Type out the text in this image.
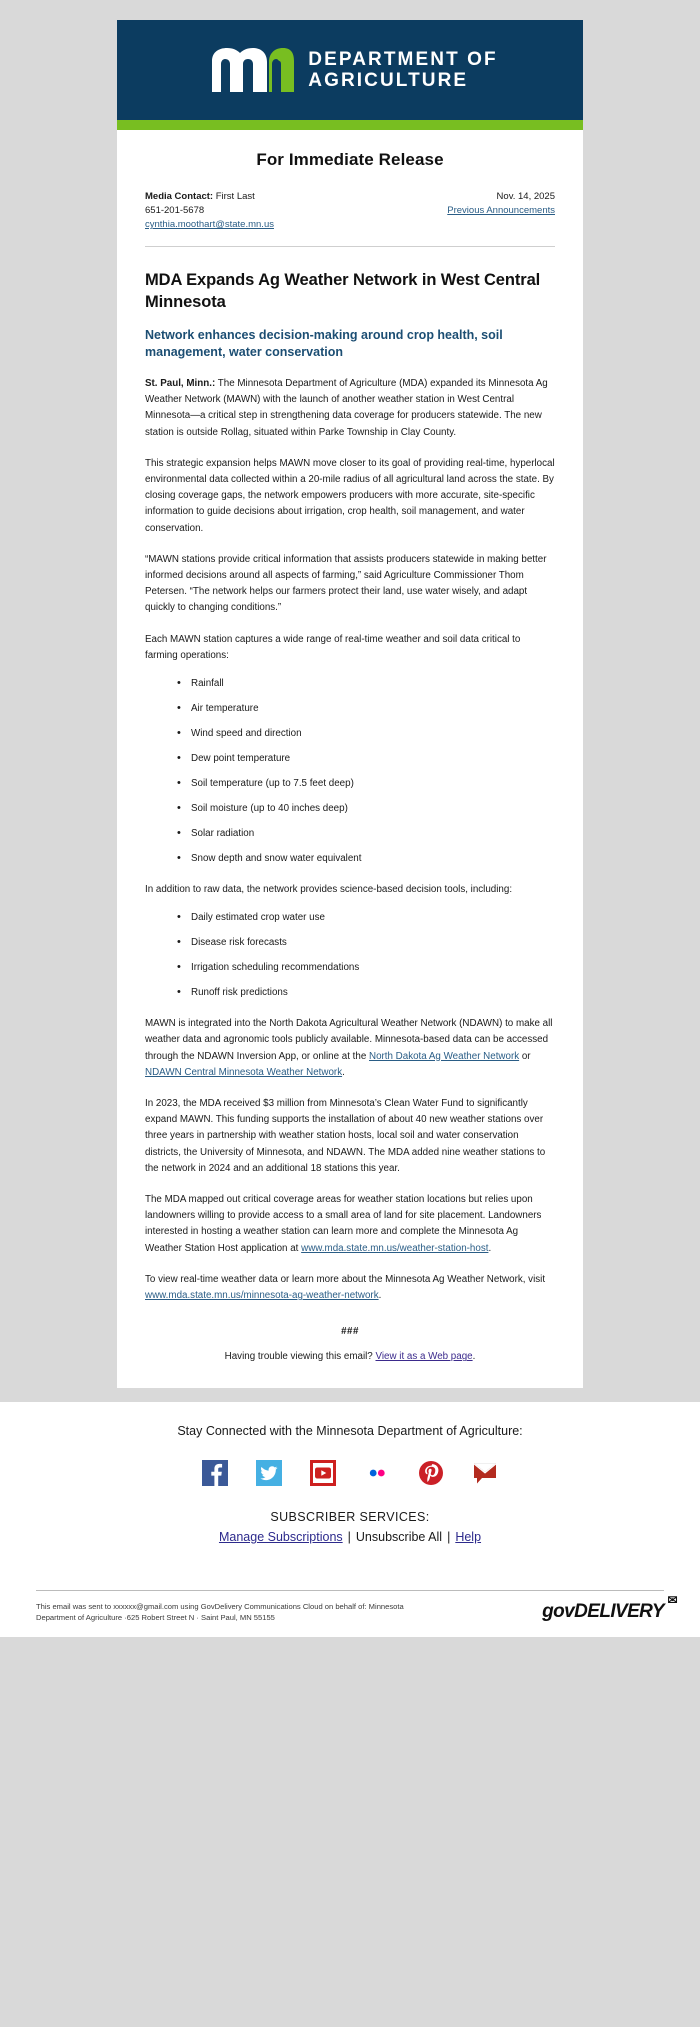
DEPARTMENT OF
AGRICULTURE
For Immediate Release
Media Contact: First Last
651-201-5678
cynthia.moothart@state.mn.us
Nov. 14, 2025
Previous Announcements
MDA Expands Ag Weather Network in West Central Minnesota
Network enhances decision-making around crop health, soil management, water conservation

St. Paul, Minn.: The Minnesota Department of Agriculture (MDA) expanded its Minnesota Ag Weather Network (MAWN) with the launch of another weather station in West Central Minnesota—a critical step in strengthening data coverage for producers statewide. The new station is outside Rollag, situated within Parke Township in Clay County.

This strategic expansion helps MAWN move closer to its goal of providing real-time, hyperlocal environmental data collected within a 20-mile radius of all agricultural land across the state. By closing coverage gaps, the network empowers producers with more accurate, site-specific information to guide decisions about irrigation, crop health, soil management, and water conservation.

“MAWN stations provide critical information that assists producers statewide in making better informed decisions around all aspects of farming,” said Agriculture Commissioner Thom Petersen. “The network helps our farmers protect their land, use water wisely, and adapt quickly to changing conditions.”

Each MAWN station captures a wide range of real-time weather and soil data critical to farming operations:

• Rainfall
• Air temperature
• Wind speed and direction
• Dew point temperature
• Soil temperature (up to 7.5 feet deep)
• Soil moisture (up to 40 inches deep)
• Solar radiation
• Snow depth and snow water equivalent

In addition to raw data, the network provides science-based decision tools, including:

• Daily estimated crop water use
• Disease risk forecasts
• Irrigation scheduling recommendations
• Runoff risk predictions

MAWN is integrated into the North Dakota Agricultural Weather Network (NDAWN) to make all weather data and agronomic tools publicly available. Minnesota-based data can be accessed through the NDAWN Inversion App, or online at the North Dakota Ag Weather Network or NDAWN Central Minnesota Weather Network.

In 2023, the MDA received $3 million from Minnesota’s Clean Water Fund to significantly expand MAWN. This funding supports the installation of about 40 new weather stations over three years in partnership with weather station hosts, local soil and water conservation districts, the University of Minnesota, and NDAWN. The MDA added nine weather stations to the network in 2024 and an additional 18 stations this year.

The MDA mapped out critical coverage areas for weather station locations but relies upon landowners willing to provide access to a small area of land for site placement. Landowners interested in hosting a weather station can learn more and complete the Minnesota Ag Weather Station Host application at www.mda.state.mn.us/weather-station-host.

To view real-time weather data or learn more about the Minnesota Ag Weather Network, visit www.mda.state.mn.us/minnesota-ag-weather-network.

###
Having trouble viewing this email? View it as a Web page.
Stay Connected with the Minnesota Department of Agriculture:
SUBSCRIBER SERVICES:
Manage Subscriptions | Unsubscribe All | Help
This email was sent to xxxxxx@gmail.com using GovDelivery Communications Cloud on behalf of: Minnesota
Department of Agriculture ·625 Robert Street N · Saint Paul, MN 55155	govDELIVERY
✉
